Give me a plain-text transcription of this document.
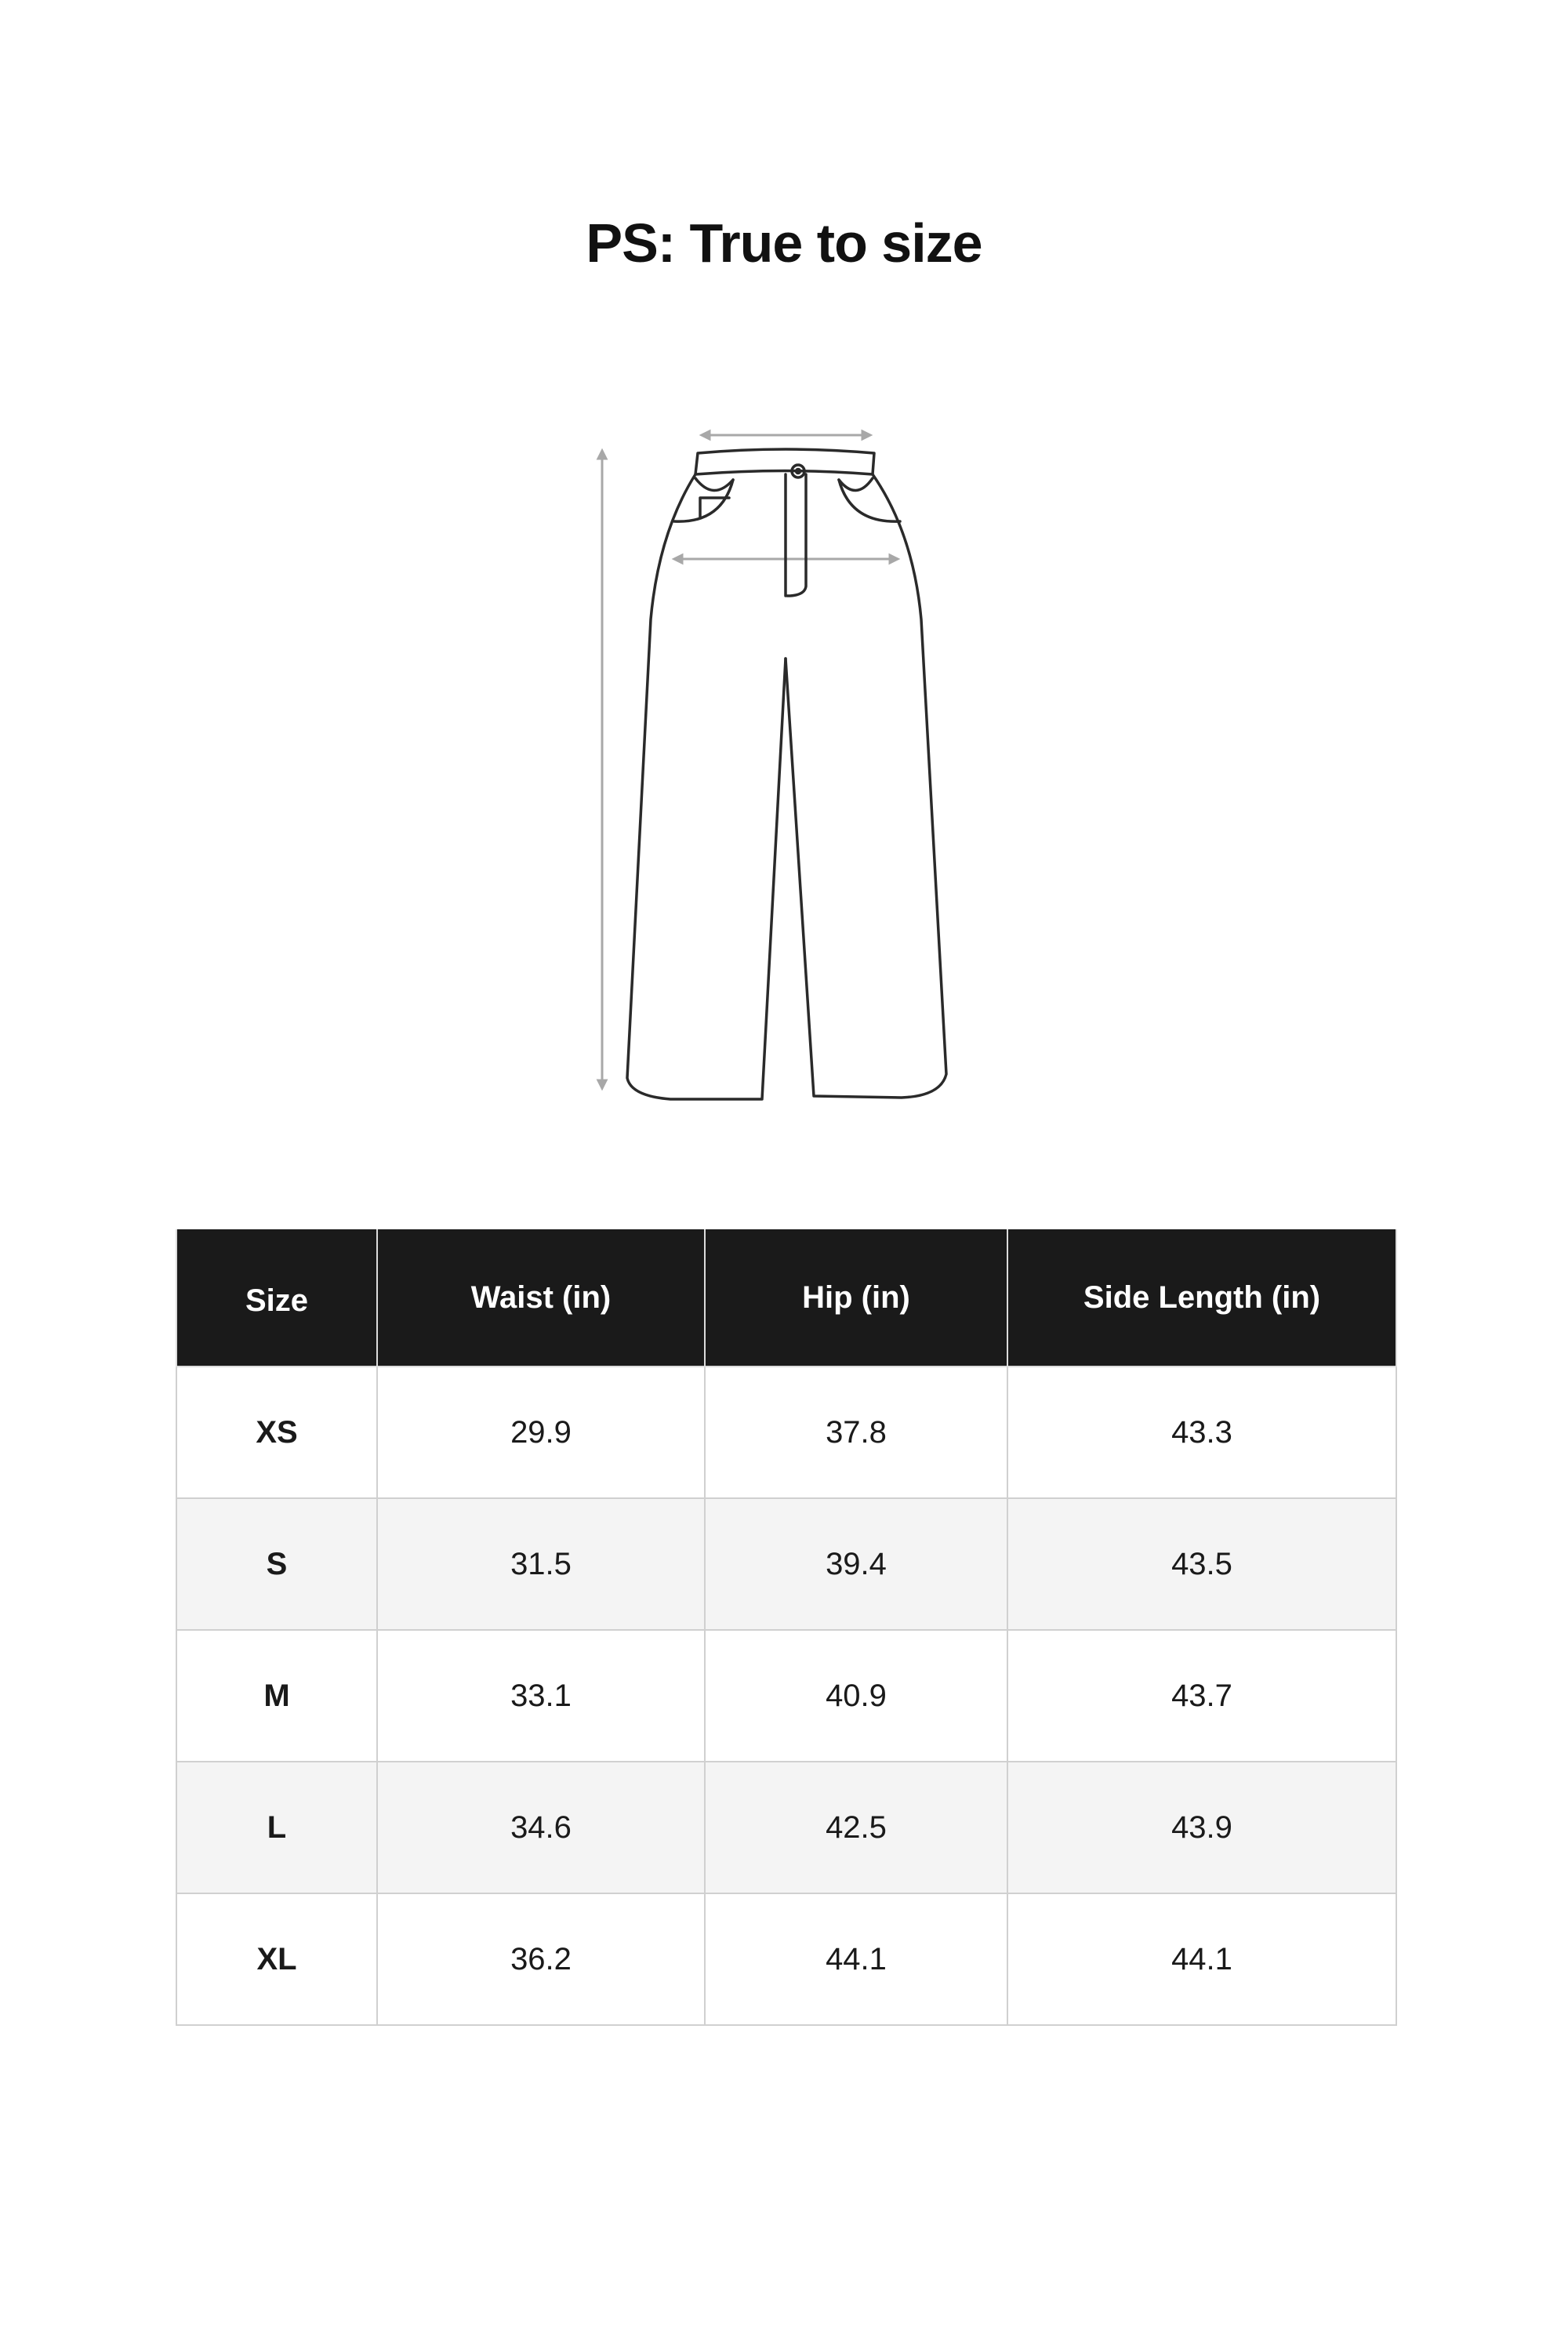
PS: True to size
Size	Waist (in)	Hip (in)	Side Length (in)
XS	29.9	37.8	43.3
S	31.5	39.4	43.5
M	33.1	40.9	43.7
L	34.6	42.5	43.9
XL	36.2	44.1	44.1
